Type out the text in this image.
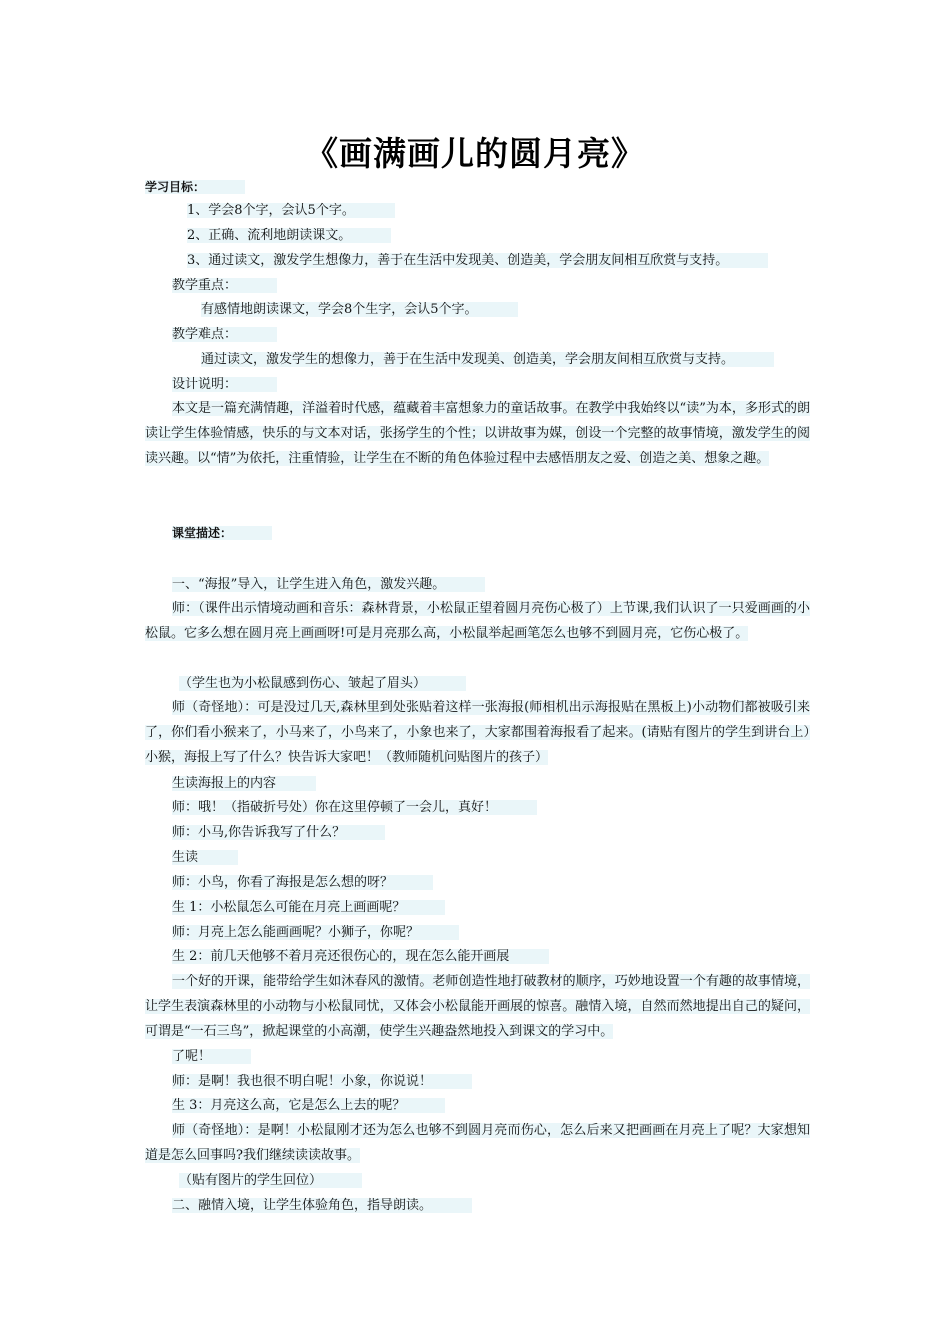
《画满画儿的圆月亮》
学习目标：
1、学会8个字，会认5个字。
2、正确、流利地朗读课文。
3、通过读文，激发学生想像力，善于在生活中发现美、创造美，学会朋友间相互欣赏与支持。
教学重点：
有感情地朗读课文，学会8个生字，会认5个字。
教学难点：
通过读文，激发学生的想像力，善于在生活中发现美、创造美，学会朋友间相互欣赏与支持。
设计说明：
本文是一篇充满情趣，洋溢着时代感，蕴藏着丰富想象力的童话故事。在教学中我始终以“读”为本，多形式的朗读让学生体验情感，快乐的与文本对话，张扬学生的个性；以讲故事为媒，创设一个完整的故事情境，激发学生的阅读兴趣。以“情”为依托，注重情验，让学生在不断的角色体验过程中去感悟朋友之爱、创造之美、想象之趣。
课堂描述：
一、“海报”导入，让学生进入角色，激发兴趣。
师：（课件出示情境动画和音乐：森林背景，小松鼠正望着圆月亮伤心极了）上节课,我们认识了一只爱画画的小松鼠。它多么想在圆月亮上画画呀!可是月亮那么高，小松鼠举起画笔怎么也够不到圆月亮，它伤心极了。
（学生也为小松鼠感到伤心、皱起了眉头）
师（奇怪地）：可是没过几天,森林里到处张贴着这样一张海报(师相机出示海报贴在黑板上)小动物们都被吸引来了，你们看小猴来了，小马来了，小鸟来了，小象也来了，大家都围着海报看了起来。(请贴有图片的学生到讲台上）小猴，海报上写了什么？快告诉大家吧！（教师随机问贴图片的孩子）
生读海报上的内容
师：哦！（指破折号处）你在这里停顿了一会儿，真好！
师：小马,你告诉我写了什么？
生读
师：小鸟，你看了海报是怎么想的呀？
生 1：小松鼠怎么可能在月亮上画画呢？
师：月亮上怎么能画画呢？小狮子，你呢？
生 2：前几天他够不着月亮还很伤心的，现在怎么能开画展
一个好的开课，能带给学生如沐春风的激情。老师创造性地打破教材的顺序，巧妙地设置一个有趣的故事情境，让学生表演森林里的小动物与小松鼠同忧，又体会小松鼠能开画展的惊喜。融情入境，自然而然地提出自己的疑问，可谓是“一石三鸟”，掀起课堂的小高潮，使学生兴趣盎然地投入到课文的学习中。
了呢！
师：是啊！我也很不明白呢！小象，你说说！
生 3：月亮这么高，它是怎么上去的呢？
师（奇怪地）：是啊！小松鼠刚才还为怎么也够不到圆月亮而伤心，怎么后来又把画画在月亮上了呢？大家想知道是怎么回事吗?我们继续读读故事。
（贴有图片的学生回位）
二、融情入境，让学生体验角色，指导朗读。
